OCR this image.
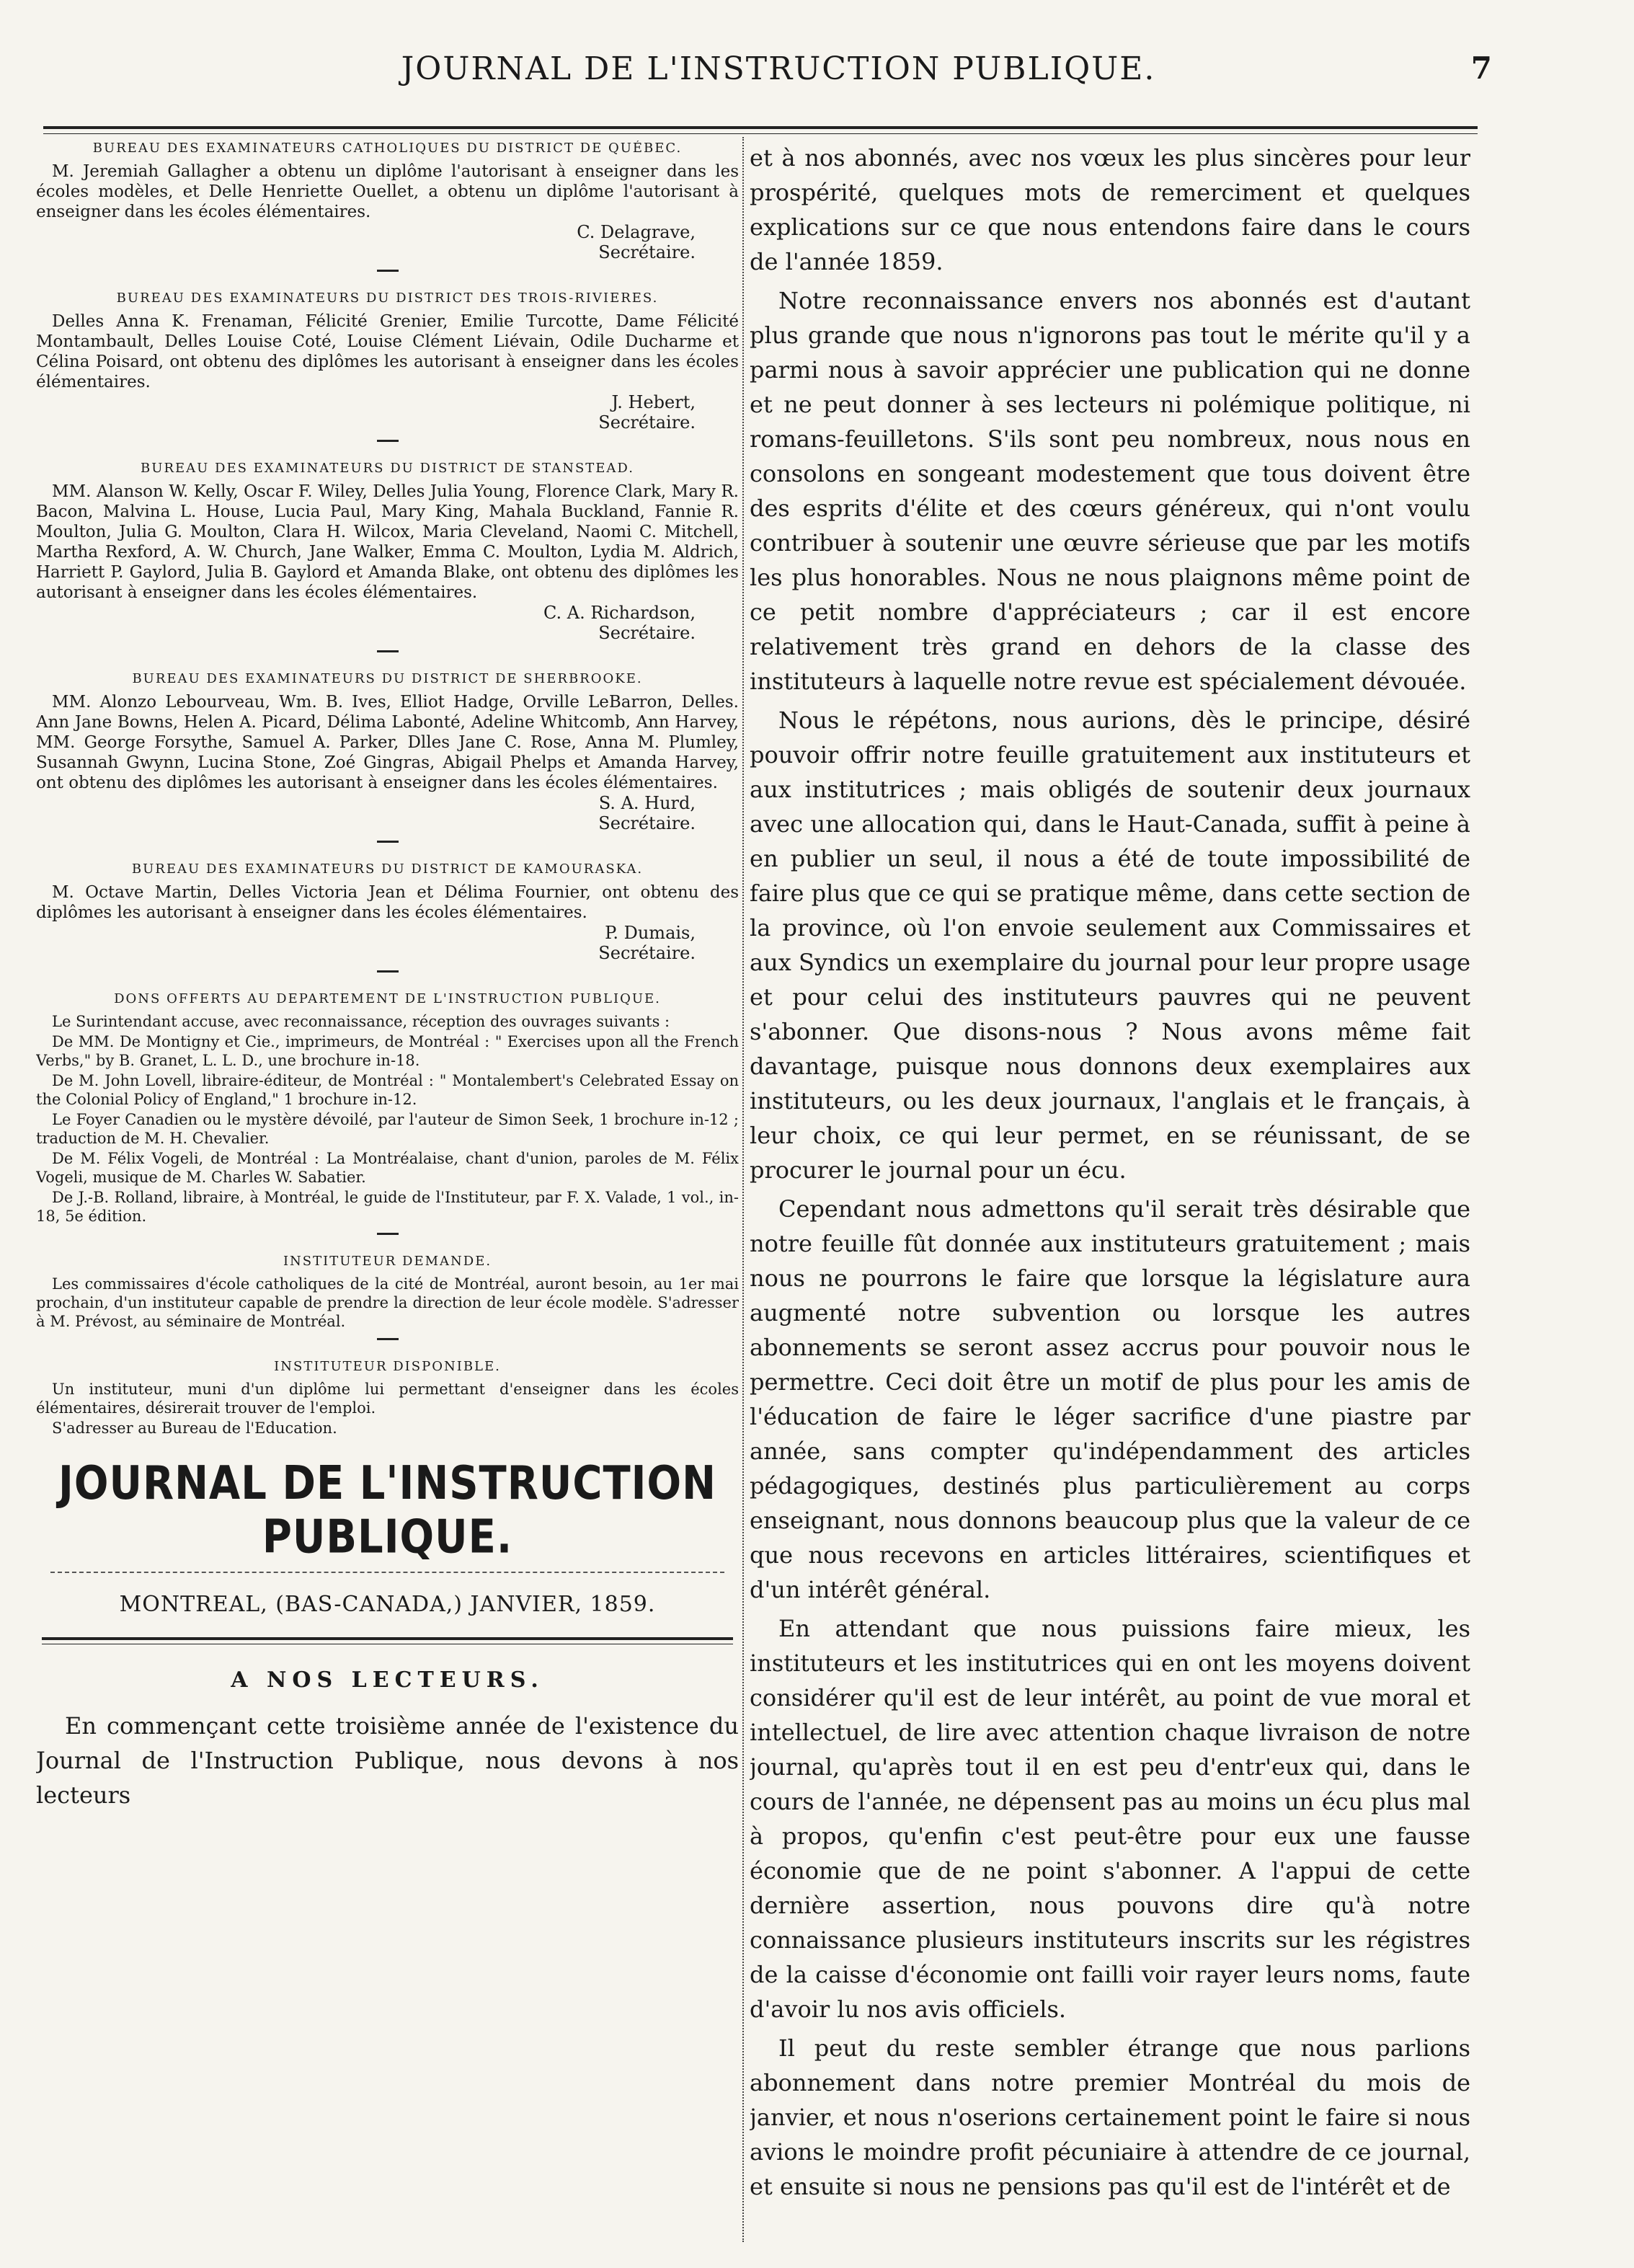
JOURNAL DE L'INSTRUCTION PUBLIQUE.	7
BUREAU DES EXAMINATEURS CATHOLIQUES DU DISTRICT DE QUÉBEC.

M. Jeremiah Gallagher a obtenu un diplôme l'autorisant à enseigner dans les écoles modèles, et Delle Henriette Ouellet, a obtenu un diplôme l'autorisant à enseigner dans les écoles élémentaires.

C. Delagrave,
Secrétaire.
BUREAU DES EXAMINATEURS DU DISTRICT DES TROIS-RIVIERES.

Delles Anna K. Frenaman, Félicité Grenier, Emilie Turcotte, Dame Félicité Montambault, Delles Louise Coté, Louise Clément Liévain, Odile Ducharme et Célina Poisard, ont obtenu des diplômes les autorisant à enseigner dans les écoles élémentaires.

J. Hebert,
Secrétaire.
BUREAU DES EXAMINATEURS DU DISTRICT DE STANSTEAD.

MM. Alanson W. Kelly, Oscar F. Wiley, Delles Julia Young, Florence Clark, Mary R. Bacon, Malvina L. House, Lucia Paul, Mary King, Mahala Buckland, Fannie R. Moulton, Julia G. Moulton, Clara H. Wilcox, Maria Cleveland, Naomi C. Mitchell, Martha Rexford, A. W. Church, Jane Walker, Emma C. Moulton, Lydia M. Aldrich, Harriett P. Gaylord, Julia B. Gaylord et Amanda Blake, ont obtenu des diplômes les autorisant à enseigner dans les écoles élémentaires.

C. A. Richardson,
Secrétaire.
BUREAU DES EXAMINATEURS DU DISTRICT DE SHERBROOKE.

MM. Alonzo Lebourveau, Wm. B. Ives, Elliot Hadge, Orville LeBarron, Delles. Ann Jane Bowns, Helen A. Picard, Délima Labonté, Adeline Whitcomb, Ann Harvey, MM. George Forsythe, Samuel A. Parker, Dlles Jane C. Rose, Anna M. Plumley, Susannah Gwynn, Lucina Stone, Zoé Gingras, Abigail Phelps et Amanda Harvey, ont obtenu des diplômes les autorisant à enseigner dans les écoles élémentaires.

S. A. Hurd,
Secrétaire.
BUREAU DES EXAMINATEURS DU DISTRICT DE KAMOURASKA.

M. Octave Martin, Delles Victoria Jean et Délima Fournier, ont obtenu des diplômes les autorisant à enseigner dans les écoles élémentaires.

P. Dumais,
Secrétaire.
DONS OFFERTS AU DEPARTEMENT DE L'INSTRUCTION PUBLIQUE.

Le Surintendant accuse, avec reconnaissance, réception des ouvrages suivants :

De MM. De Montigny et Cie., imprimeurs, de Montréal : " Exercises upon all the French Verbs," by B. Granet, L. L. D., une brochure in-18.

De M. John Lovell, libraire-éditeur, de Montréal : " Montalembert's Celebrated Essay on the Colonial Policy of England," 1 brochure in-12.

Le Foyer Canadien ou le mystère dévoilé, par l'auteur de Simon Seek, 1 brochure in-12 ; traduction de M. H. Chevalier.

De M. Félix Vogeli, de Montréal : La Montréalaise, chant d'union, paroles de M. Félix Vogeli, musique de M. Charles W. Sabatier.

De J.-B. Rolland, libraire, à Montréal, le guide de l'Instituteur, par F. X. Valade, 1 vol., in-18, 5e édition.

INSTITUTEUR DEMANDE.

Les commissaires d'école catholiques de la cité de Montréal, auront besoin, au 1er mai prochain, d'un instituteur capable de prendre la direction de leur école modèle. S'adresser à M. Prévost, au séminaire de Montréal.

INSTITUTEUR DISPONIBLE.

Un instituteur, muni d'un diplôme lui permettant d'enseigner dans les écoles élémentaires, désirerait trouver de l'emploi.

S'adresser au Bureau de l'Education.

JOURNAL DE L'INSTRUCTION PUBLIQUE.
MONTREAL, (BAS-CANADA,) JANVIER, 1859.
A NOS LECTEURS.

En commençant cette troisième année de l'existence du Journal de l'Instruction Publique, nous devons à nos lecteurs

et à nos abonnés, avec nos vœux les plus sincères pour leur prospérité, quelques mots de remerciment et quelques explications sur ce que nous entendons faire dans le cours de l'année 1859.

Notre reconnaissance envers nos abonnés est d'autant plus grande que nous n'ignorons pas tout le mérite qu'il y a parmi nous à savoir apprécier une publication qui ne donne et ne peut donner à ses lecteurs ni polémique politique, ni romans-feuilletons. S'ils sont peu nombreux, nous nous en consolons en songeant modestement que tous doivent être des esprits d'élite et des cœurs généreux, qui n'ont voulu contribuer à soutenir une œuvre sérieuse que par les motifs les plus honorables. Nous ne nous plaignons même point de ce petit nombre d'appréciateurs ; car il est encore relativement très grand en dehors de la classe des instituteurs à laquelle notre revue est spécialement dévouée.

Nous le répétons, nous aurions, dès le principe, désiré pouvoir offrir notre feuille gratuitement aux instituteurs et aux institutrices ; mais obligés de soutenir deux journaux avec une allocation qui, dans le Haut-Canada, suffit à peine à en publier un seul, il nous a été de toute impossibilité de faire plus que ce qui se pratique même, dans cette section de la province, où l'on envoie seulement aux Commissaires et aux Syndics un exemplaire du journal pour leur propre usage et pour celui des instituteurs pauvres qui ne peuvent s'abonner. Que disons-nous ? Nous avons même fait davantage, puisque nous donnons deux exemplaires aux instituteurs, ou les deux journaux, l'anglais et le français, à leur choix, ce qui leur permet, en se réunissant, de se procurer le journal pour un écu.

Cependant nous admettons qu'il serait très désirable que notre feuille fût donnée aux instituteurs gratuitement ; mais nous ne pourrons le faire que lorsque la législature aura augmenté notre subvention ou lorsque les autres abonnements se seront assez accrus pour pouvoir nous le permettre. Ceci doit être un motif de plus pour les amis de l'éducation de faire le léger sacrifice d'une piastre par année, sans compter qu'indépendamment des articles pédagogiques, destinés plus particulièrement au corps enseignant, nous donnons beaucoup plus que la valeur de ce que nous recevons en articles littéraires, scientifiques et d'un intérêt général.

En attendant que nous puissions faire mieux, les instituteurs et les institutrices qui en ont les moyens doivent considérer qu'il est de leur intérêt, au point de vue moral et intellectuel, de lire avec attention chaque livraison de notre journal, qu'après tout il en est peu d'entr'eux qui, dans le cours de l'année, ne dépensent pas au moins un écu plus mal à propos, qu'enfin c'est peut-être pour eux une fausse économie que de ne point s'abonner. A l'appui de cette dernière assertion, nous pouvons dire qu'à notre connaissance plusieurs instituteurs inscrits sur les régistres de la caisse d'économie ont failli voir rayer leurs noms, faute d'avoir lu nos avis officiels.

Il peut du reste sembler étrange que nous parlions abonnement dans notre premier Montréal du mois de janvier, et nous n'oserions certainement point le faire si nous avions le moindre profit pécuniaire à attendre de ce journal, et ensuite si nous ne pensions pas qu'il est de l'intérêt et de
